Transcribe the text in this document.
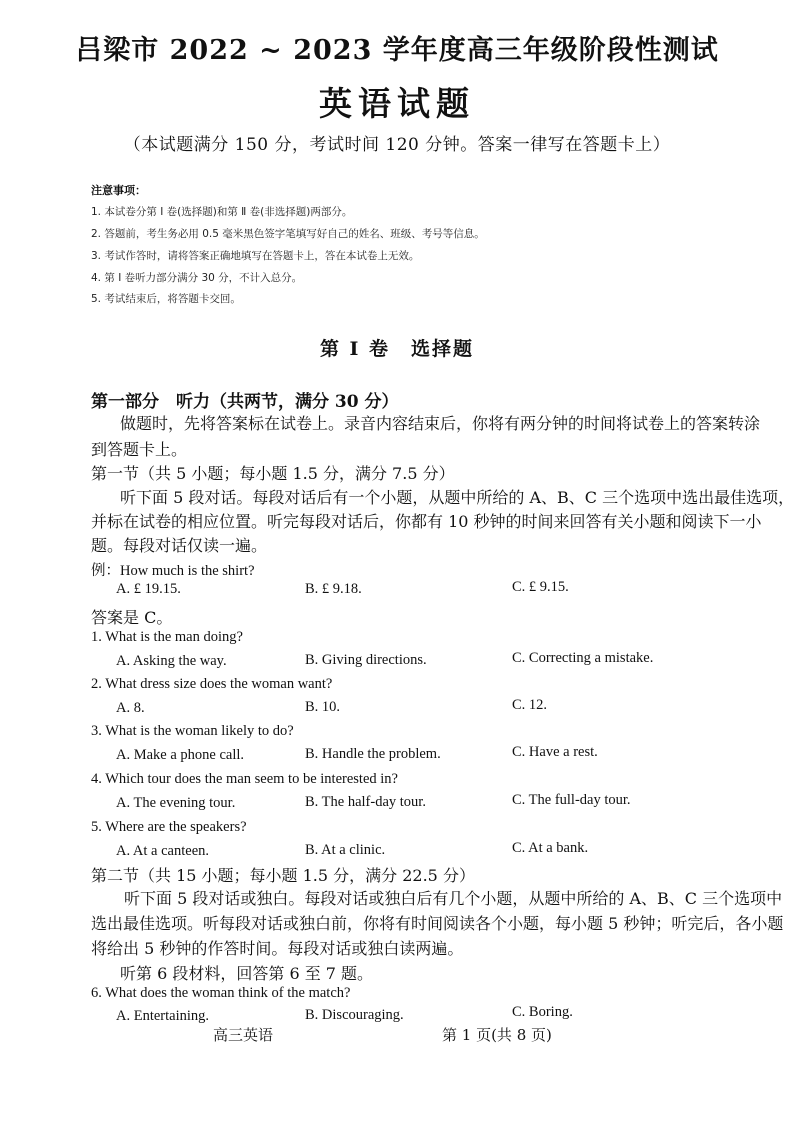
吕梁市 2022 ~ 2023 学年度高三年级阶段性测试
英语试题
（本试题满分 150 分，考试时间 120 分钟。答案一律写在答题卡上）
注意事项：
1. 本试卷分第 Ⅰ 卷(选择题)和第 Ⅱ 卷(非选择题)两部分。
2. 答题前，考生务必用 0.5 毫米黑色签字笔填写好自己的姓名、班级、考号等信息。
3. 考试作答时，请将答案正确地填写在答题卡上，答在本试卷上无效。
4. 第 Ⅰ 卷听力部分满分 30 分，不计入总分。
5. 考试结束后，将答题卡交回。
第 Ⅰ 卷　选择题
第一部分　听力（共两节，满分 30 分）
做题时，先将答案标在试卷上。录音内容结束后，你将有两分钟的时间将试卷上的答案转涂
到答题卡上。
第一节（共 5 小题；每小题 1.5 分，满分 7.5 分）
听下面 5 段对话。每段对话后有一个小题，从题中所给的 A、B、C 三个选项中选出最佳选项，
并标在试卷的相应位置。听完每段对话后，你都有 10 秒钟的时间来回答有关小题和阅读下一小
题。每段对话仅读一遍。
例：How much is the shirt?
A. £ 19.15.	B. £ 9.18.	C. £ 9.15.
答案是 C。
1. What is the man doing?
A. Asking the way.	B. Giving directions.	C. Correcting a mistake.
2. What dress size does the woman want?
A. 8.	B. 10.	C. 12.
3. What is the woman likely to do?
A. Make a phone call.	B. Handle the problem.	C. Have a rest.
4. Which tour does the man seem to be interested in?
A. The evening tour.	B. The half-day tour.	C. The full-day tour.
5. Where are the speakers?
A. At a canteen.	B. At a clinic.	C. At a bank.
第二节（共 15 小题；每小题 1.5 分，满分 22.5 分）
听下面 5 段对话或独白。每段对话或独白后有几个小题，从题中所给的 A、B、C 三个选项中
选出最佳选项。听每段对话或独白前，你将有时间阅读各个小题，每小题 5 秒钟；听完后，各小题
将给出 5 秒钟的作答时间。每段对话或独白读两遍。
听第 6 段材料，回答第 6 至 7 题。
6. What does the woman think of the match?
A. Entertaining.	B. Discouraging.	C. Boring.
高三英语	第 1 页(共 8 页)
